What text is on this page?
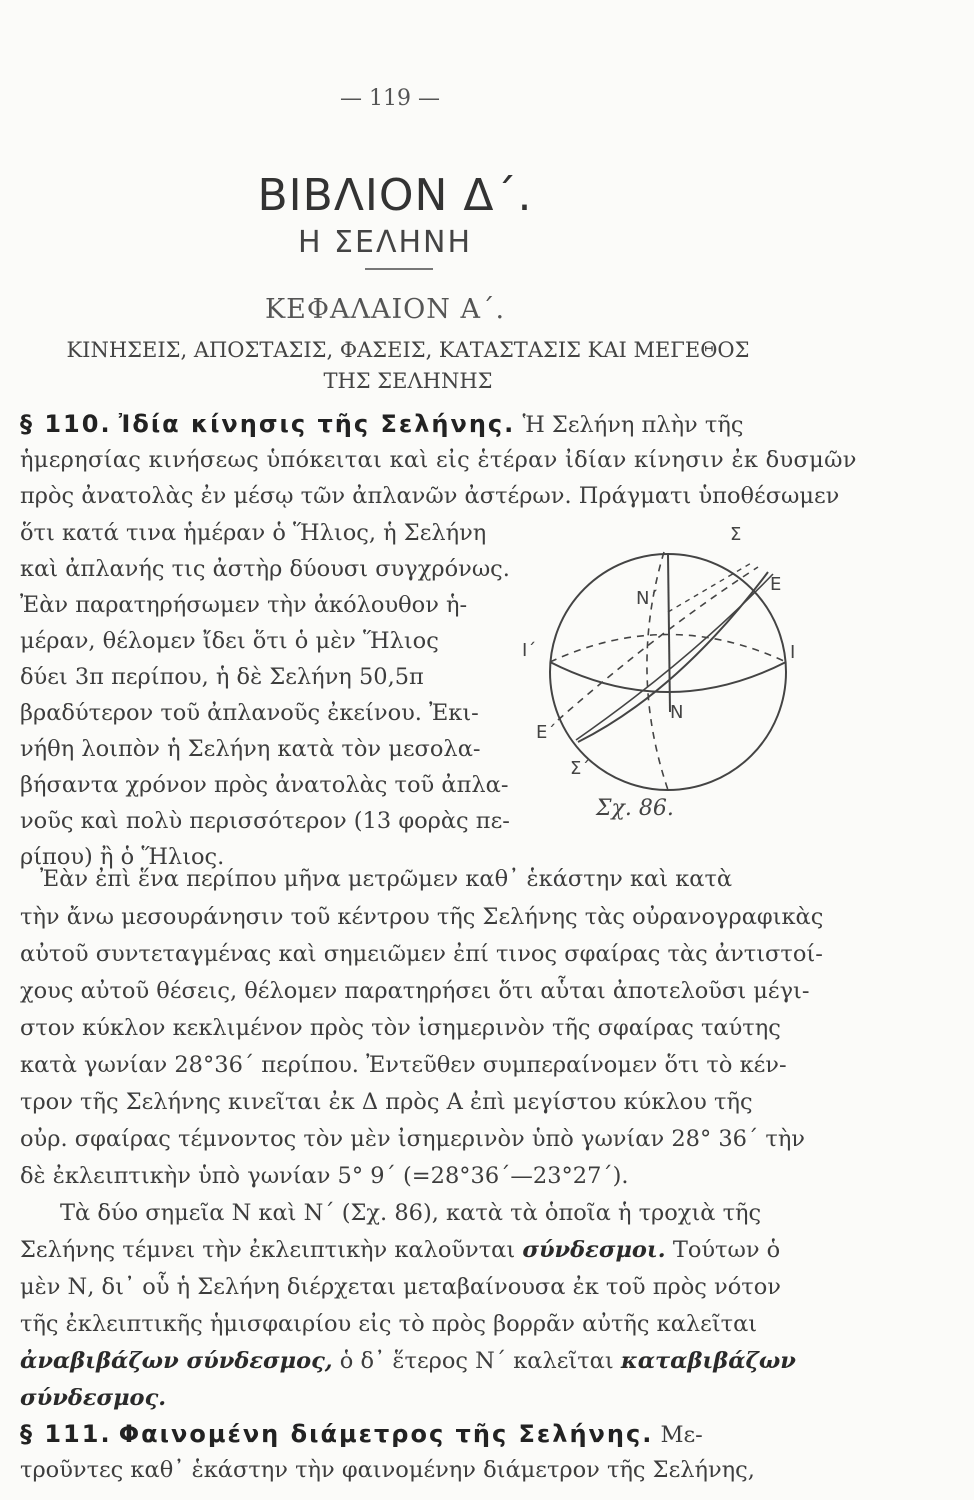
— 119 —
ΒΙΒΛΙΟΝ Δ΄.
Η ΣΕΛΗΝΗ
ΚΕΦΑΛΑΙΟΝ Α΄.
ΚΙΝΗΣΕΙΣ, ΑΠΟΣΤΑΣΙΣ, ΦΑΣΕΙΣ, ΚΑΤΑΣΤΑΣΙΣ ΚΑΙ ΜΕΓΕΘΟΣ
ΤΗΣ ΣΕΛΗΝΗΣ
§ 110. Ἰδία κίνησις τῆς Σελήνης. Ἡ Σελήνη πλὴν τῆς
ἡμερησίας κινήσεως ὑπόκειται καὶ εἰς ἑτέραν ἰδίαν κίνησιν ἐκ δυσμῶν
πρὸς ἀνατολὰς ἐν μέσῳ τῶν ἀπλανῶν ἀστέρων. Πράγματι ὑποθέσωμεν
ὅτι κατά τινα ἡμέραν ὁ Ἥλιος, ἡ Σελήνη
καὶ ἀπλανής τις ἀστὴρ δύουσι συγχρόνως.
Ἐὰν παρατηρήσωμεν τὴν ἀκόλουθον ἡ-
μέραν, θέλομεν ἴδει ὅτι ὁ μὲν Ἥλιος
δύει 3π περίπου, ἡ δὲ Σελήνη 50,5π
βραδύτερον τοῦ ἀπλανοῦς ἐκείνου. Ἐκι-
νήθη λοιπὸν ἡ Σελήνη κατὰ τὸν μεσολα-
βήσαντα χρόνον πρὸς ἀνατολὰς τοῦ ἀπλα-
νοῦς καὶ πολὺ περισσότερον (13 φορὰς πε-
ρίπου) ἢ ὁ Ἥλιος.
Σ
Ε
Ν΄
Ι
Ι΄
Ν
Ε΄
Σ΄
Σχ. 86.
Ἐὰν ἐπὶ ἕνα περίπου μῆνα μετρῶμεν καθ᾽ ἑκάστην καὶ κατὰ
τὴν ἄνω μεσουράνησιν τοῦ κέντρου τῆς Σελήνης τὰς οὐρανογραφικὰς
αὐτοῦ συντεταγμένας καὶ σημειῶμεν ἐπί τινος σφαίρας τὰς ἀντιστοί-
χους αὐτοῦ θέσεις, θέλομεν παρατηρήσει ὅτι αὗται ἀποτελοῦσι μέγι-
στον κύκλον κεκλιμένον πρὸς τὸν ἰσημερινὸν τῆς σφαίρας ταύτης
κατὰ γωνίαν 28°36΄ περίπου. Ἐντεῦθεν συμπεραίνομεν ὅτι τὸ κέν-
τρον τῆς Σελήνης κινεῖται ἐκ Δ πρὸς Α ἐπὶ μεγίστου κύκλου τῆς
οὐρ. σφαίρας τέμνοντος τὸν μὲν ἰσημερινὸν ὑπὸ γωνίαν 28° 36΄ τὴν
δὲ ἐκλειπτικὴν ὑπὸ γωνίαν 5° 9΄ (=28°36΄—23°27΄).
Τὰ δύο σημεῖα Ν καὶ Ν΄ (Σχ. 86), κατὰ τὰ ὁποῖα ἡ τροχιὰ τῆς
Σελήνης τέμνει τὴν ἐκλειπτικὴν καλοῦνται σύνδεσμοι. Τούτων ὁ
μὲν Ν, δι᾽ οὗ ἡ Σελήνη διέρχεται μεταβαίνουσα ἐκ τοῦ πρὸς νότον
τῆς ἐκλειπτικῆς ἡμισφαιρίου εἰς τὸ πρὸς βορρᾶν αὐτῆς καλεῖται
ἀναβιβάζων σύνδεσμος, ὁ δ᾽ ἕτερος Ν΄ καλεῖται καταβιβάζων
σύνδεσμος.
§ 111. Φαινομένη διάμετρος τῆς Σελήνης. Με-
τροῦντες καθ᾽ ἑκάστην τὴν φαινομένην διάμετρον τῆς Σελήνης,
